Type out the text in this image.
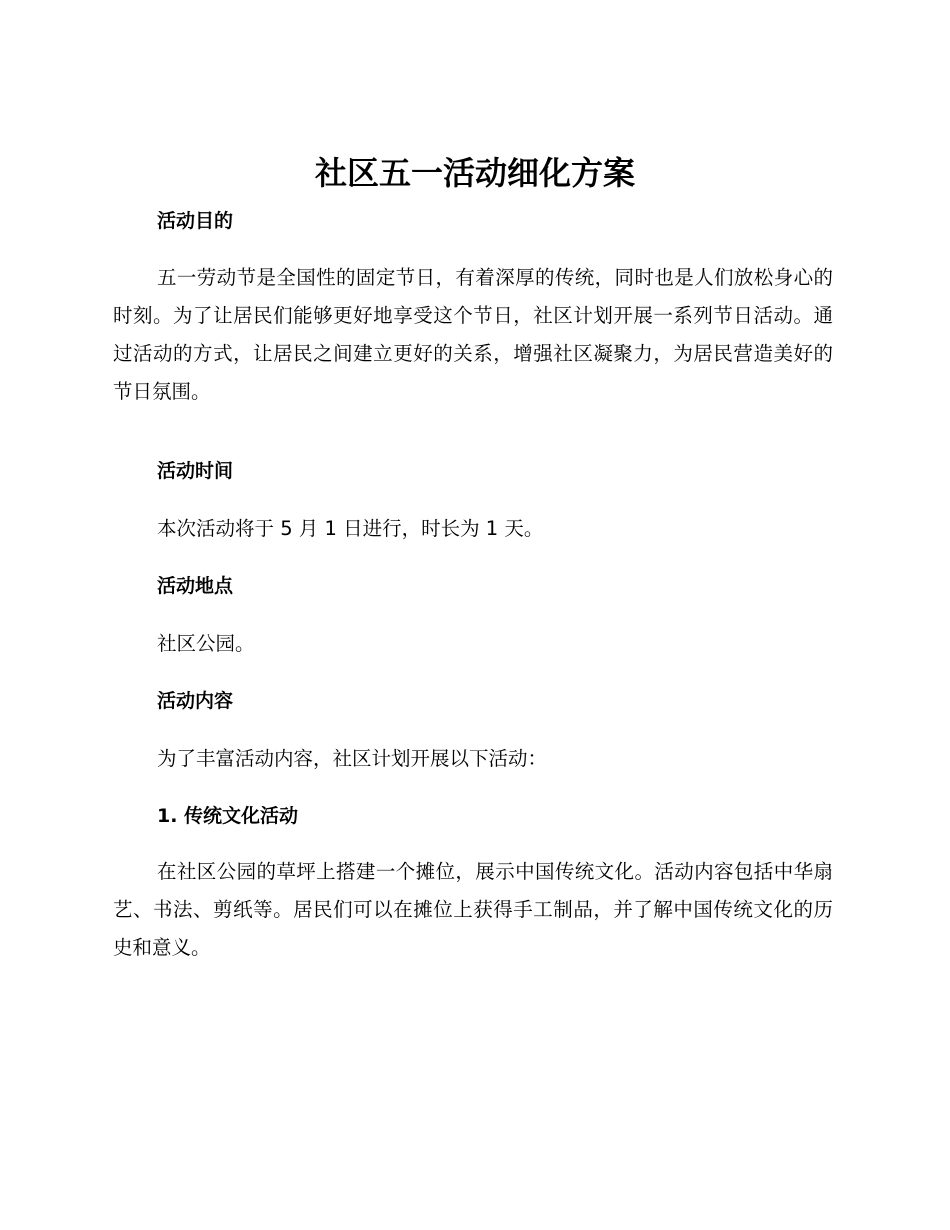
社区五一活动细化方案
活动目的

五一劳动节是全国性的固定节日，有着深厚的传统，同时也是人们放松身心的时刻。为了让居民们能够更好地享受这个节日，社区计划开展一系列节日活动。通过活动的方式，让居民之间建立更好的关系，增强社区凝聚力，为居民营造美好的节日氛围。

活动时间

本次活动将于 5 月 1 日进行，时长为 1 天。

活动地点

社区公园。

活动内容

为了丰富活动内容，社区计划开展以下活动：

1. 传统文化活动

在社区公园的草坪上搭建一个摊位，展示中国传统文化。活动内容包括中华扇艺、书法、剪纸等。居民们可以在摊位上获得手工制品，并了解中国传统文化的历史和意义。
